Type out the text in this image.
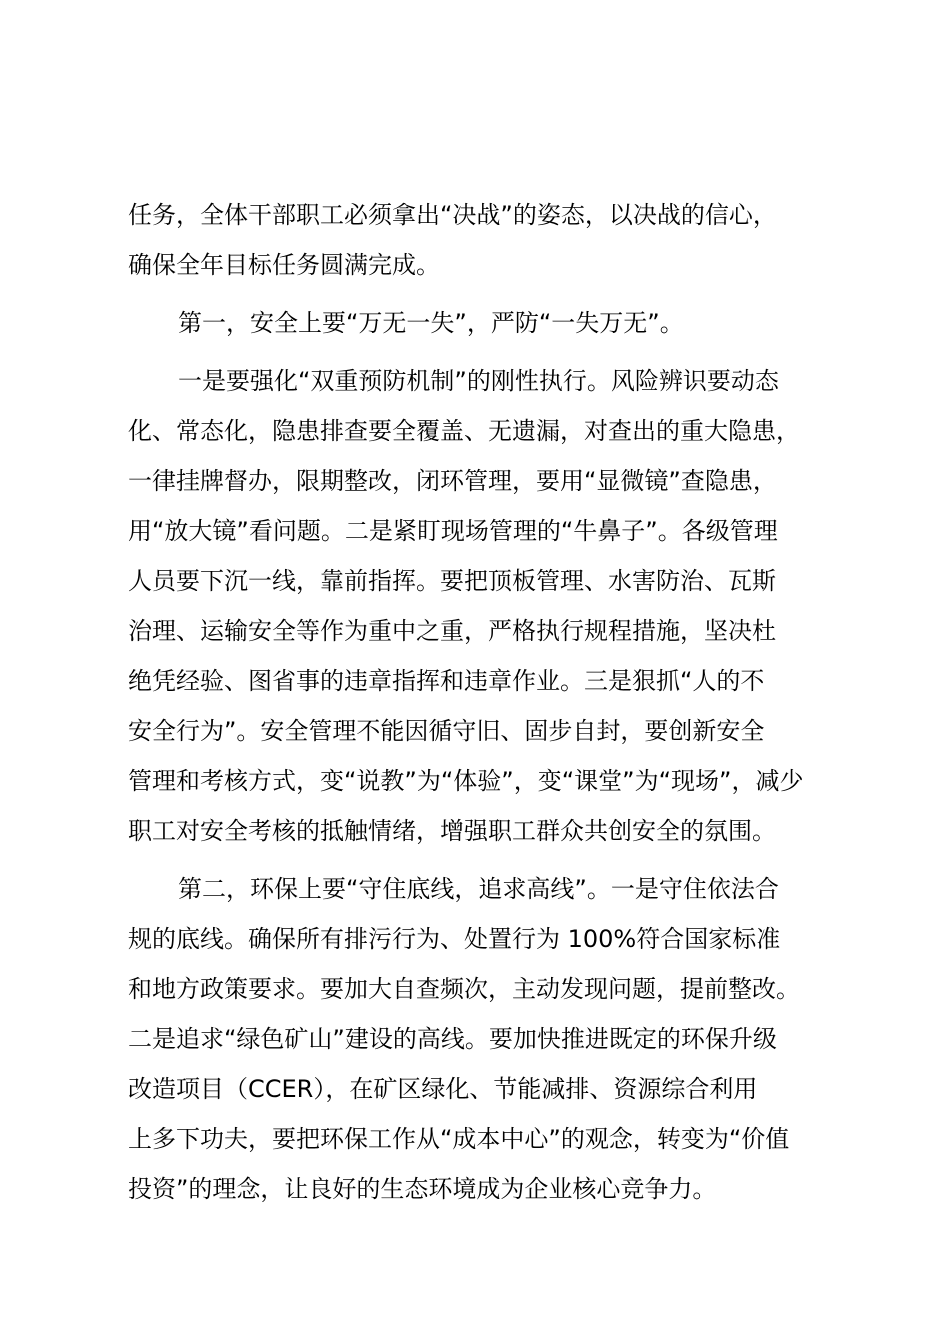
任务，全体干部职工必须拿出“决战”的姿态，以决战的信心，
确保全年目标任务圆满完成。
第一，安全上要“万无一失”，严防“一失万无”。
一是要强化“双重预防机制”的刚性执行。风险辨识要动态
化、常态化，隐患排查要全覆盖、无遗漏，对查出的重大隐患，
一律挂牌督办，限期整改，闭环管理，要用“显微镜”查隐患，
用“放大镜”看问题。二是紧盯现场管理的“牛鼻子”。各级管理
人员要下沉一线，靠前指挥。要把顶板管理、水害防治、瓦斯
治理、运输安全等作为重中之重，严格执行规程措施，坚决杜
绝凭经验、图省事的违章指挥和违章作业。三是狠抓“人的不
安全行为”。安全管理不能因循守旧、固步自封，要创新安全
管理和考核方式，变“说教”为“体验”，变“课堂”为“现场”，减少
职工对安全考核的抵触情绪，增强职工群众共创安全的氛围。
第二，环保上要“守住底线，追求高线”。一是守住依法合
规的底线。确保所有排污行为、处置行为 100%符合国家标准
和地方政策要求。要加大自查频次，主动发现问题，提前整改。
二是追求“绿色矿山”建设的高线。要加快推进既定的环保升级
改造项目（CCER），在矿区绿化、节能减排、资源综合利用
上多下功夫，要把环保工作从“成本中心”的观念，转变为“价值
投资”的理念，让良好的生态环境成为企业核心竞争力。
